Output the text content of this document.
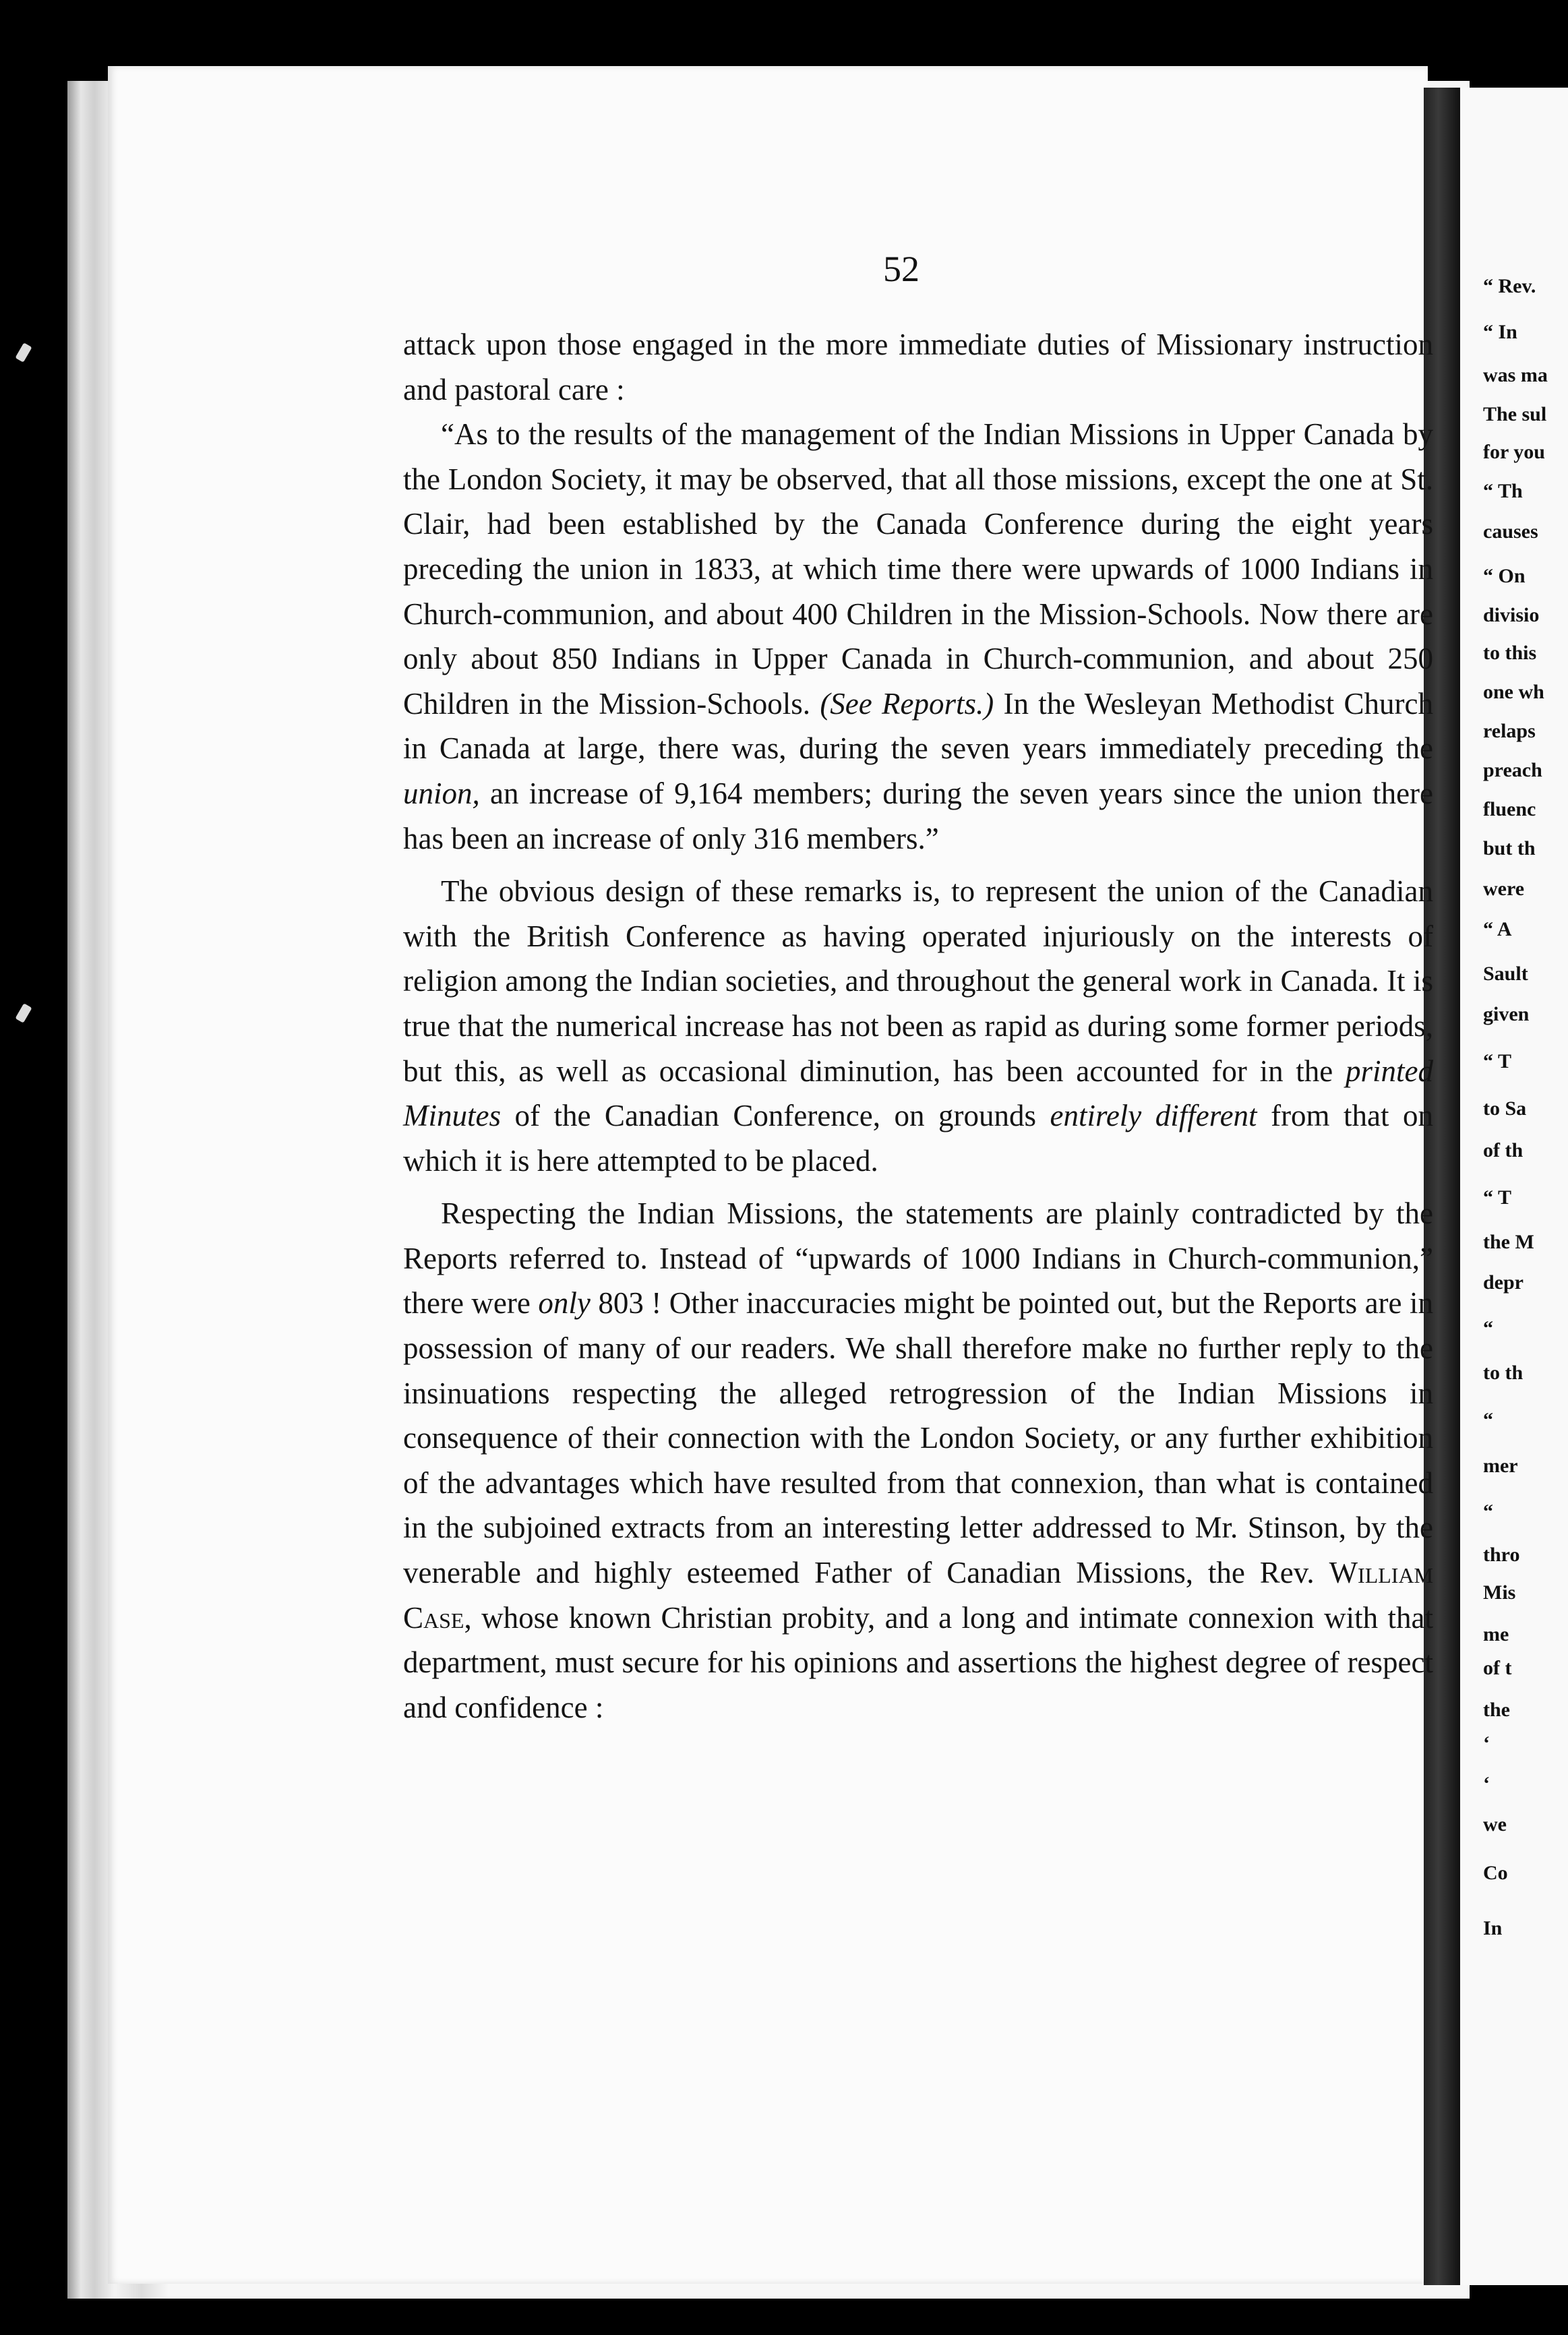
“ Rev.
“ In
was ma
The sul
for you
“ Th
causes
“ On
divisio
to this
one wh
relaps
preach
fluenc
but th
were
“ A
Sault
given
“ T
to Sa
of th
“ T
the M
depr
“
to th
“
mer
“
thro
Mis
me
of t
the
‘
‘
we
Co
In
52

attack upon those engaged in the more immediate duties of Missionary instruction and pastoral care :

“As to the results of the management of the Indian Missions in Upper Canada by the London Society, it may be observed, that all those missions, except the one at St. Clair, had been established by the Canada Conference during the eight years preceding the union in 1833, at which time there were upwards of 1000 Indians in Church-communion, and about 400 Children in the Mission-Schools. Now there are only about 850 Indians in Upper Canada in Church-communion, and about 250 Children in the Mission-Schools. (See Reports.) In the Wesleyan Methodist Church in Canada at large, there was, during the seven years immediately preceding the union, an increase of 9,164 members; during the seven years since the union there has been an increase of only 316 members.”

The obvious design of these remarks is, to represent the union of the Canadian with the British Conference as having operated injuriously on the interests of religion among the Indian societies, and throughout the general work in Canada. It is true that the numerical increase has not been as rapid as during some former periods, but this, as well as occasional diminution, has been accounted for in the printed Minutes of the Canadian Conference, on grounds entirely different from that on which it is here attempted to be placed.

Respecting the Indian Missions, the statements are plainly contradicted by the Reports referred to. Instead of “upwards of 1000 Indians in Church-communion,” there were only 803 ! Other inaccuracies might be pointed out, but the Reports are in possession of many of our readers. We shall therefore make no further reply to the insinuations respecting the alleged retrogression of the Indian Missions in consequence of their connection with the London Society, or any further exhibition of the advantages which have resulted from that connexion, than what is contained in the subjoined extracts from an interesting letter addressed to Mr. Stinson, by the venerable and highly esteemed Father of Canadian Missions, the Rev. William Case, whose known Christian probity, and a long and intimate connexion with that department, must secure for his opinions and assertions the highest degree of respect and confidence :
